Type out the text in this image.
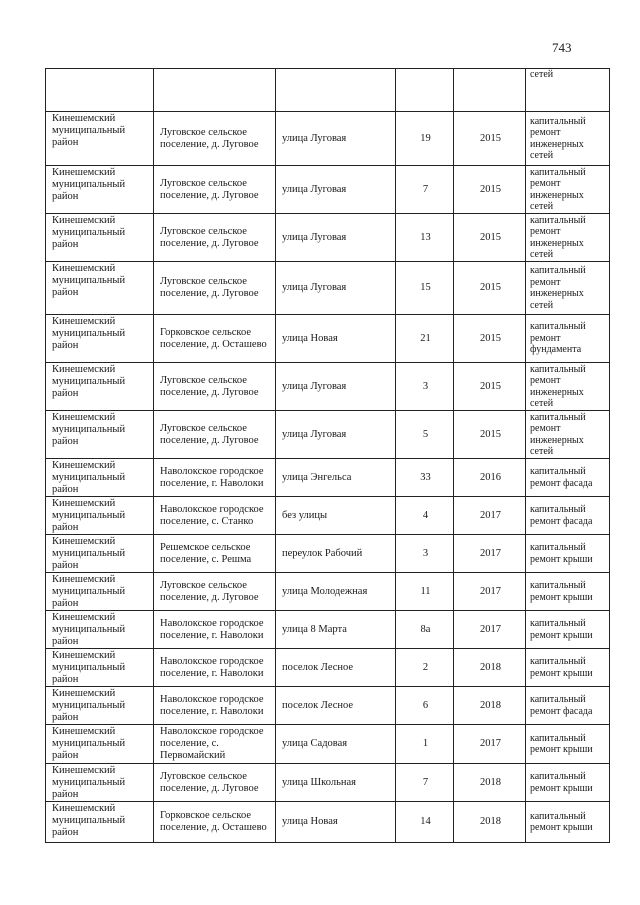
743
					сетей
Кинешемский муниципальный район	Луговское сельское поселение, д. Луговое	улица Луговая	19	2015	капитальный ремонт инженерных сетей
Кинешемский муниципальный район	Луговское сельское поселение, д. Луговое	улица Луговая	7	2015	капитальный ремонт инженерных сетей
Кинешемский муниципальный район	Луговское сельское поселение, д. Луговое	улица Луговая	13	2015	капитальный ремонт инженерных сетей
Кинешемский муниципальный район	Луговское сельское поселение, д. Луговое	улица Луговая	15	2015	капитальный ремонт инженерных сетей
Кинешемский муниципальный район	Горковское сельское поселение, д. Осташево	улица Новая	21	2015	капитальный ремонт фундамента
Кинешемский муниципальный район	Луговское сельское поселение, д. Луговое	улица Луговая	3	2015	капитальный ремонт инженерных сетей
Кинешемский муниципальный район	Луговское сельское поселение, д. Луговое	улица Луговая	5	2015	капитальный ремонт инженерных сетей
Кинешемский муниципальный район	Наволокское городское поселение, г. Наволоки	улица Энгельса	33	2016	капитальный ремонт фасада
Кинешемский муниципальный район	Наволокское городское поселение, с. Станко	без улицы	4	2017	капитальный ремонт фасада
Кинешемский муниципальный район	Решемское сельское поселение, с. Решма	переулок Рабочий	3	2017	капитальный ремонт крыши
Кинешемский муниципальный район	Луговское сельское поселение, д. Луговое	улица Молодежная	11	2017	капитальный ремонт крыши
Кинешемский муниципальный район	Наволокское городское поселение, г. Наволоки	улица 8 Марта	8а	2017	капитальный ремонт крыши
Кинешемский муниципальный район	Наволокское городское поселение, г. Наволоки	поселок Лесное	2	2018	капитальный ремонт крыши
Кинешемский муниципальный район	Наволокское городское поселение, г. Наволоки	поселок Лесное	6	2018	капитальный ремонт фасада
Кинешемский муниципальный район	Наволокское городское поселение, с. Первомайский	улица Садовая	1	2017	капитальный ремонт крыши
Кинешемский муниципальный район	Луговское сельское поселение, д. Луговое	улица Школьная	7	2018	капитальный ремонт крыши
Кинешемский муниципальный район	Горковское сельское поселение, д. Осташево	улица Новая	14	2018	капитальный ремонт крыши
